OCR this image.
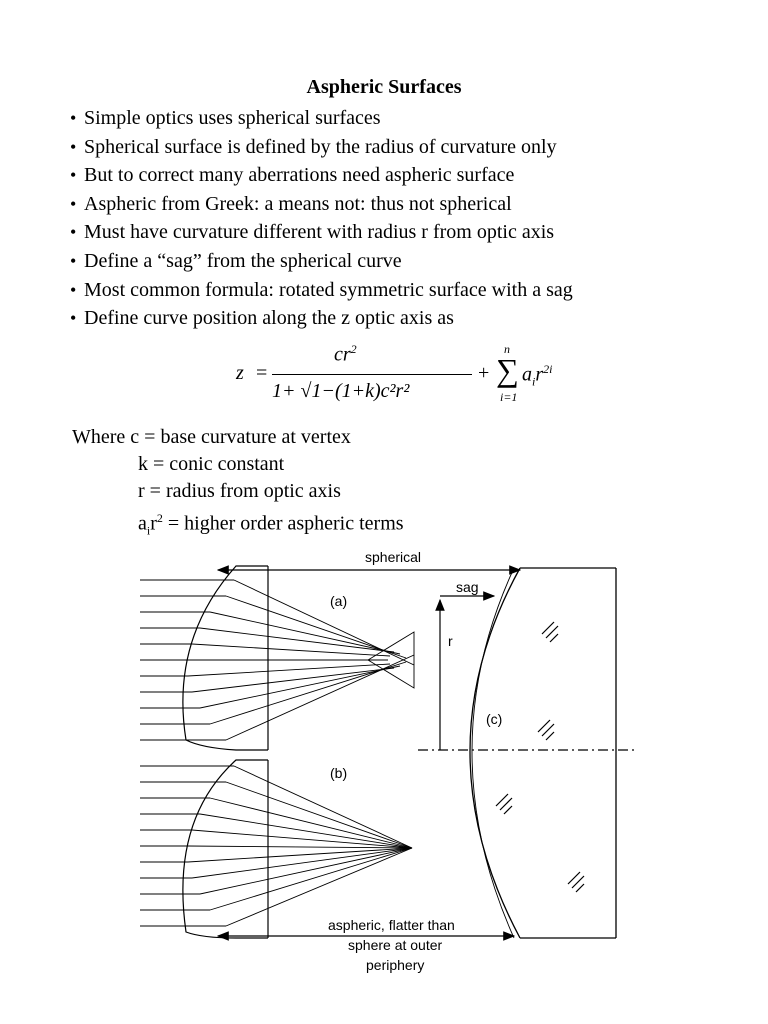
Aspheric Surfaces
• Simple optics uses spherical surfaces
• Spherical surface is defined by the radius of curvature only
• But to correct many aberrations need aspheric surface
• Aspheric from Greek: a means not: thus not spherical
• Must have curvature different with radius r from optic axis
• Define a “sag” from the spherical curve
• Most common formula: rotated symmetric surface with a sag
• Define curve position along the z optic axis as
z =
$cr^2$
1+ √1−(1+k)c²r²
+
n
∑
i=1
$a_ir^{2i}$
Where c = base curvature at vertex
k = conic constant
r = radius from optic axis
$a_ir^2$ = higher order aspheric terms
spherical
(a)
(b)
sag
r
(c)
aspheric, flatter than
sphere at outer
periphery
